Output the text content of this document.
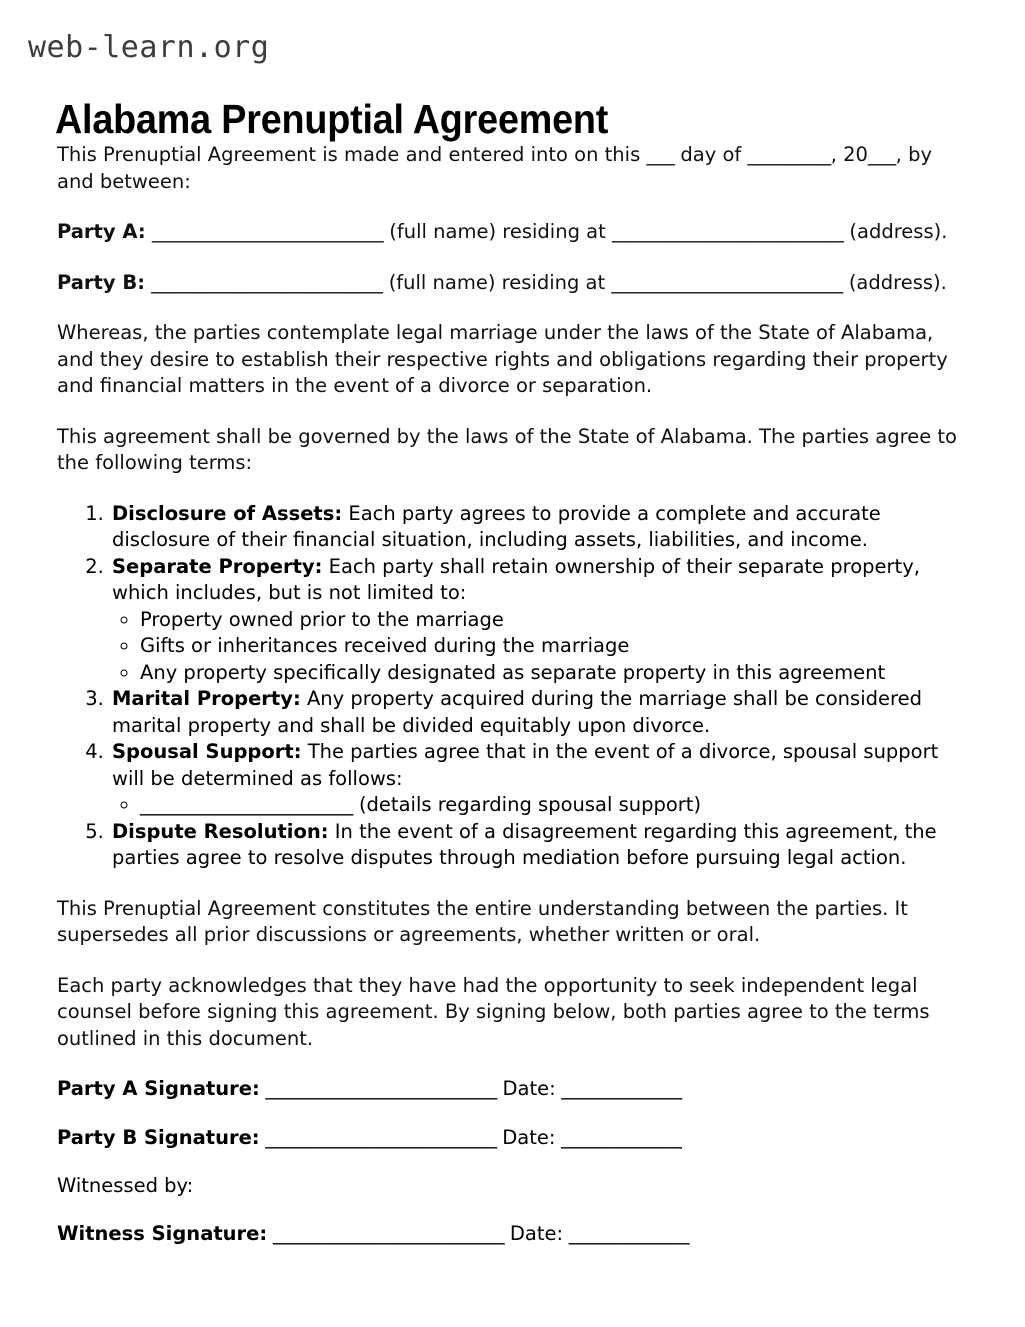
web-learn.org
Alabama Prenuptial Agreement

This Prenuptial Agreement is made and entered into on this ___ day of _________, 20___, by and between:

Party A: _________________________ (full name) residing at _________________________ (address).

Party B: _________________________ (full name) residing at _________________________ (address).

Whereas, the parties contemplate legal marriage under the laws of the State of Alabama, and they desire to establish their respective rights and obligations regarding their property and financial matters in the event of a divorce or separation.

This agreement shall be governed by the laws of the State of Alabama. The parties agree to the following terms:

1. Disclosure of Assets: Each party agrees to provide a complete and accurate disclosure of their financial situation, including assets, liabilities, and income.
2. Separate Property: Each party shall retain ownership of their separate property, which includes, but is not limited to:
◦ Property owned prior to the marriage
◦ Gifts or inheritances received during the marriage
◦ Any property specifically designated as separate property in this agreement
3. Marital Property: Any property acquired during the marriage shall be considered marital property and shall be divided equitably upon divorce.
4. Spousal Support: The parties agree that in the event of a divorce, spousal support will be determined as follows:
◦ _______________________ (details regarding spousal support)
5. Dispute Resolution: In the event of a disagreement regarding this agreement, the parties agree to resolve disputes through mediation before pursuing legal action.

This Prenuptial Agreement constitutes the entire understanding between the parties. It supersedes all prior discussions or agreements, whether written or oral.

Each party acknowledges that they have had the opportunity to seek independent legal counsel before signing this agreement. By signing below, both parties agree to the terms outlined in this document.

Party A Signature: _________________________ Date: _____________
Party B Signature: _________________________ Date: _____________
Witnessed by:
Witness Signature: _________________________ Date: _____________
